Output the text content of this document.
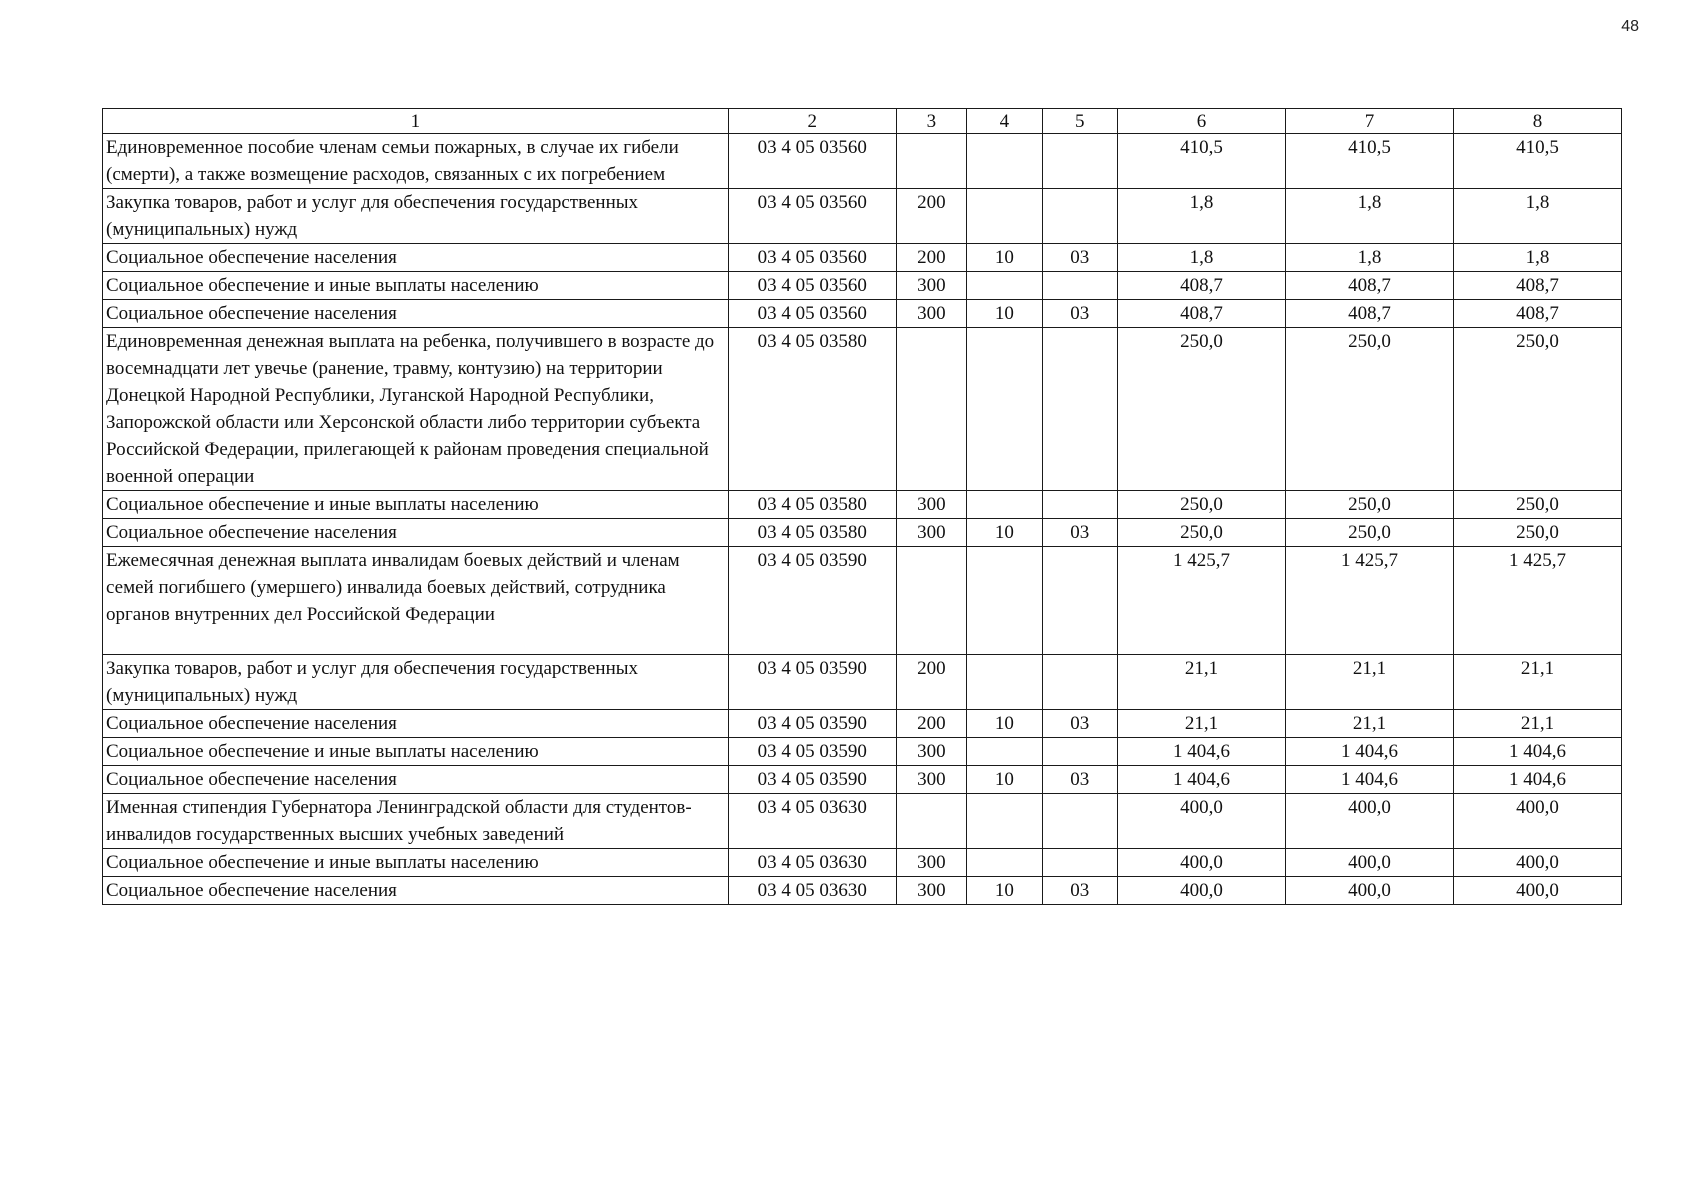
48
1	2	3	4	5	6	7	8
Единовременное пособие членам семьи пожарных, в случае их гибели (смерти), а также возмещение расходов, связанных с их погребением	03 4 05 03560				410,5	410,5	410,5
Закупка товаров, работ и услуг для обеспечения государственных (муниципальных) нужд	03 4 05 03560	200			1,8	1,8	1,8
Социальное обеспечение населения	03 4 05 03560	200	10	03	1,8	1,8	1,8
Социальное обеспечение и иные выплаты населению	03 4 05 03560	300			408,7	408,7	408,7
Социальное обеспечение населения	03 4 05 03560	300	10	03	408,7	408,7	408,7
Единовременная денежная выплата на ребенка, получившего в возрасте до восемнадцати лет увечье (ранение, травму, контузию) на территории Донецкой Народной Республики, Луганской Народной Республики, Запорожской области или Херсонской области либо территории субъекта Российской Федерации, прилегающей к районам проведения специальной военной операции	03 4 05 03580				250,0	250,0	250,0
Социальное обеспечение и иные выплаты населению	03 4 05 03580	300			250,0	250,0	250,0
Социальное обеспечение населения	03 4 05 03580	300	10	03	250,0	250,0	250,0
Ежемесячная денежная выплата инвалидам боевых действий и членам семей погибшего (умершего) инвалида боевых действий, сотрудника органов внутренних дел Российской Федерации	03 4 05 03590				1 425,7	1 425,7	1 425,7
Закупка товаров, работ и услуг для обеспечения государственных (муниципальных) нужд	03 4 05 03590	200			21,1	21,1	21,1
Социальное обеспечение населения	03 4 05 03590	200	10	03	21,1	21,1	21,1
Социальное обеспечение и иные выплаты населению	03 4 05 03590	300			1 404,6	1 404,6	1 404,6
Социальное обеспечение населения	03 4 05 03590	300	10	03	1 404,6	1 404,6	1 404,6
Именная стипендия Губернатора Ленинградской области для студентов-инвалидов государственных высших учебных заведений	03 4 05 03630				400,0	400,0	400,0
Социальное обеспечение и иные выплаты населению	03 4 05 03630	300			400,0	400,0	400,0
Социальное обеспечение населения	03 4 05 03630	300	10	03	400,0	400,0	400,0
